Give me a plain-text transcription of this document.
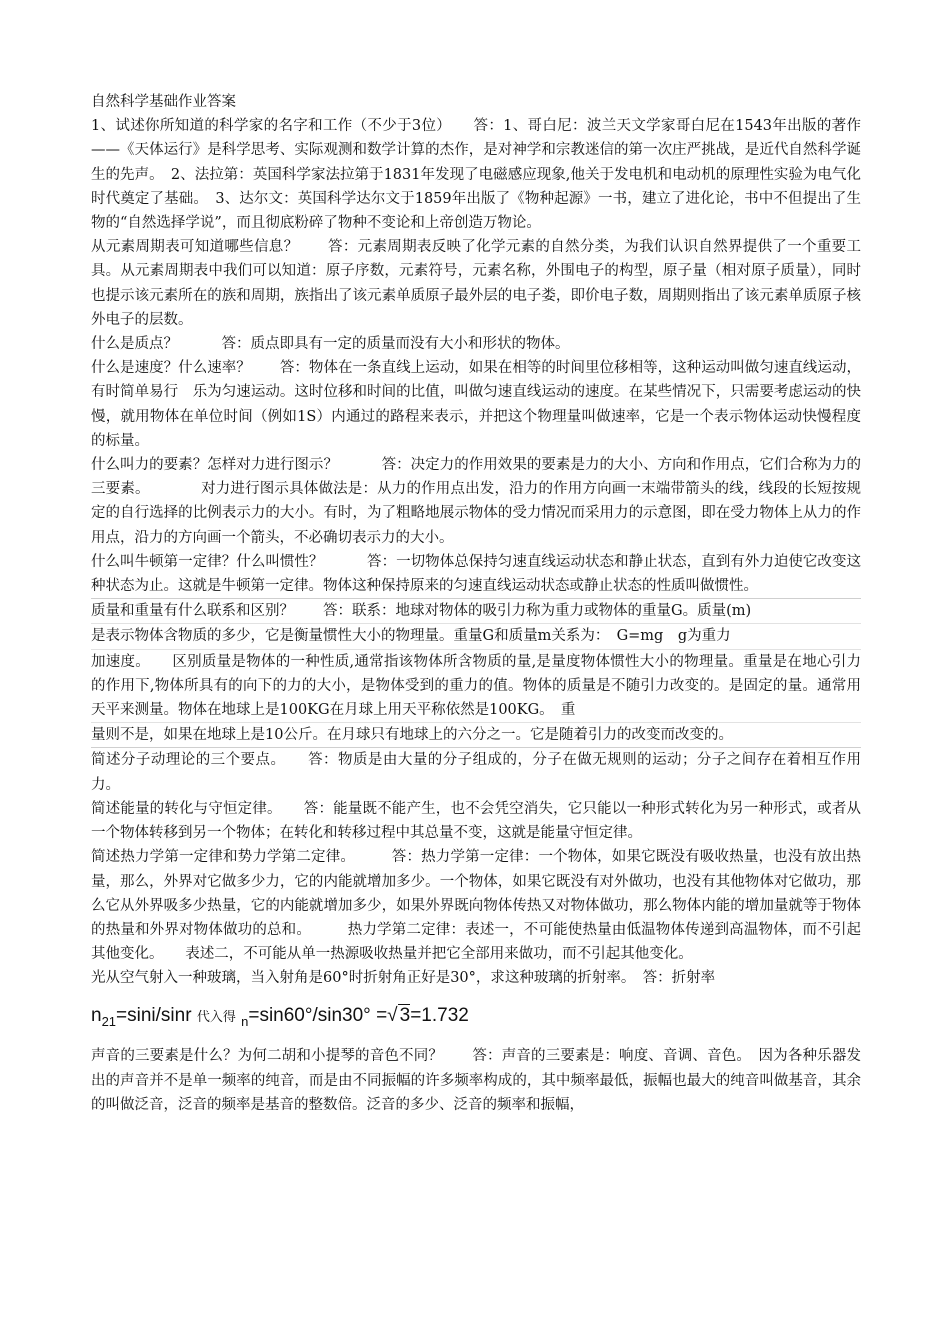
自然科学基础作业答案

1、试述你所知道的科学家的名字和工作（不少于3位）　　答：1、哥白尼：波兰天文学家哥白尼在1543年出版的著作——《天体运行》是科学思考、实际观测和数学计算的杰作，是对神学和宗教迷信的第一次庄严挑战，是近代自然科学诞生的先声。　2、法拉第：英国科学家法拉第于1831年发现了电磁感应现象,他关于发电机和电动机的原理性实验为电气化时代奠定了基础。　3、达尔文：英国科学达尔文于1859年出版了《物种起源》一书，建立了进化论，书中不但提出了生物的“自然选择学说”，而且彻底粉碎了物种不变论和上帝创造万物论。

从元素周期表可知道哪些信息？　　答：元素周期表反映了化学元素的自然分类，为我们认识自然界提供了一个重要工具。从元素周期表中我们可以知道：原子序数，元素符号，元素名称，外围电子的构型，原子量（相对原子质量），同时也提示该元素所在的族和周期，族指出了该元素单质原子最外层的电子娄，即价电子数，周期则指出了该元素单质原子核外电子的层数。

什么是质点？　　　答：质点即具有一定的质量而没有大小和形状的物体。

什么是速度？什么速率？　　答：物体在一条直线上运动，如果在相等的时间里位移相等，这种运动叫做匀速直线运动，有时简单易行　乐为匀速运动。这时位移和时间的比值，叫做匀速直线运动的速度。在某些情况下，只需要考虑运动的快慢，就用物体在单位时间（例如1S）内通过的路程来表示，并把这个物理量叫做速率，它是一个表示物体运动快慢程度的标量。

什么叫力的要素？怎样对力进行图示？　　　答：决定力的作用效果的要素是力的大小、方向和作用点，它们合称为力的三要素。　　　　对力进行图示具体做法是：从力的作用点出发，沿力的作用方向画一末端带箭头的线，线段的长短按规定的自行选择的比例表示力的大小。有时，为了粗略地展示物体的受力情况而采用力的示意图，即在受力物体上从力的作用点，沿力的方向画一个箭头，不必确切表示力的大小。

什么叫牛顿第一定律？什么叫惯性？　　　答：一切物体总保持匀速直线运动状态和静止状态，直到有外力迫使它改变这种状态为止。这就是牛顿第一定律。物体这种保持原来的匀速直线运动状态或静止状态的性质叫做惯性。

质量和重量有什么联系和区别？　　答：联系：地球对物体的吸引力称为重力或物体的重量G。质量(m)

是表示物体含物质的多少，它是衡量惯性大小的物理量。重量G和质量m关系为：　G=mg　g为重力

加速度。　　区别质量是物体的一种性质,通常指该物体所含物质的量,是量度物体惯性大小的物理量。重量是在地心引力的作用下,物体所具有的向下的力的大小，是物体受到的重力的值。物体的质量是不随引力改变的。是固定的量。通常用天平来测量。物体在地球上是100KG在月球上用天平称依然是100KG。　重

量则不是，如果在地球上是10公斤。在月球只有地球上的六分之一。它是随着引力的改变而改变的。

简述分子动理论的三个要点。　　答：物质是由大量的分子组成的，分子在做无规则的运动；分子之间存在着相互作用力。

简述能量的转化与守恒定律。　　答：能量既不能产生，也不会凭空消失，它只能以一种形式转化为另一种形式，或者从一个物体转移到另一个物体；在转化和转移过程中其总量不变，这就是能量守恒定律。

简述热力学第一定律和势力学第二定律。　　　答：热力学第一定律：一个物体，如果它既没有吸收热量，也没有放出热量，那么，外界对它做多少力，它的内能就增加多少。一个物体，如果它既没有对外做功，也没有其他物体对它做功，那么它从外界吸多少热量，它的内能就增加多少，如果外界既向物体传热又对物体做功，那么物体内能的增加量就等于物体的热量和外界对物体做功的总和。　　　热力学第二定律：表述一，不可能使热量由低温物体传递到高温物体，而不引起其他变化。　　表述二，不可能从单一热源吸收热量并把它全部用来做功，而不引起其他变化。

光从空气射入一种玻璃，当入射角是60°时折射角正好是30°，求这种玻璃的折射率。　答：折射率

$n_{21}=\sin i$/sinr 代入得 $_n$=sin60°/sin30° =√ 3=1.732

声音的三要素是什么？为何二胡和小提琴的音色不同？　　答：声音的三要素是：响度、音调、音色。　因为各种乐器发出的声音并不是单一频率的纯音，而是由不同振幅的许多频率构成的，其中频率最低，振幅也最大的纯音叫做基音，其余的叫做泛音，泛音的频率是基音的整数倍。泛音的多少、泛音的频率和振幅，
